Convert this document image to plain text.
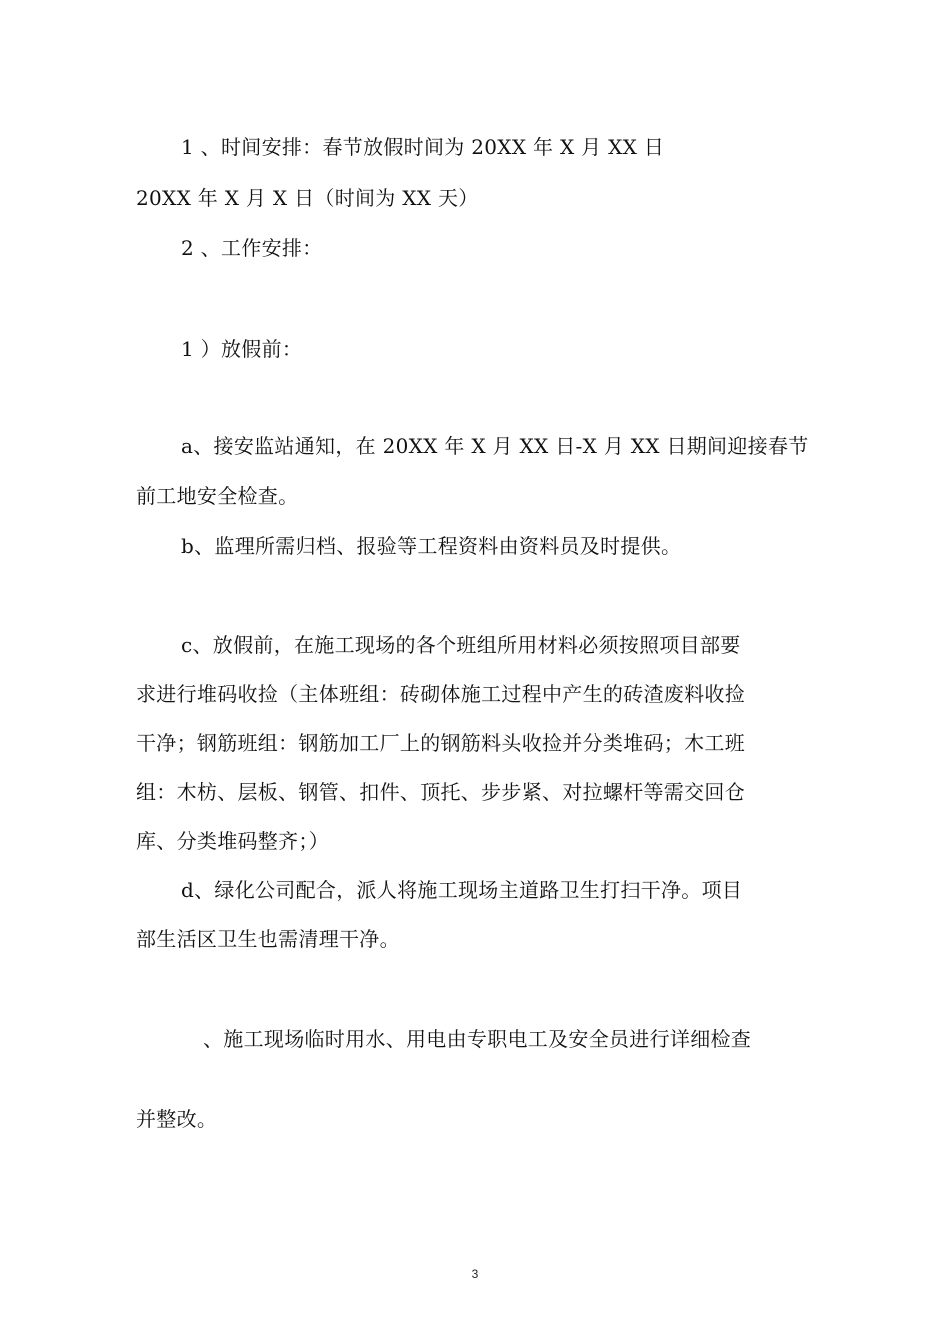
1 、时间安排：春节放假时间为 20XX 年 X 月 XX 日
20XX 年 X 月 X 日（时间为 XX 天）
2 、工作安排：
1 ）放假前：
a、接安监站通知，在 20XX 年 X 月 XX 日-X 月 XX 日期间迎接春节
前工地安全检查。
b、监理所需归档、报验等工程资料由资料员及时提供。
c、放假前，在施工现场的各个班组所用材料必须按照项目部要
求进行堆码收捡（主体班组：砖砌体施工过程中产生的砖渣废料收捡
干净；钢筋班组：钢筋加工厂上的钢筋料头收捡并分类堆码；木工班
组：木枋、层板、钢管、扣件、顶托、步步紧、对拉螺杆等需交回仓
库、分类堆码整齐；）
d、绿化公司配合，派人将施工现场主道路卫生打扫干净。项目
部生活区卫生也需清理干净。
、施工现场临时用水、用电由专职电工及安全员进行详细检查
并整改。
3
